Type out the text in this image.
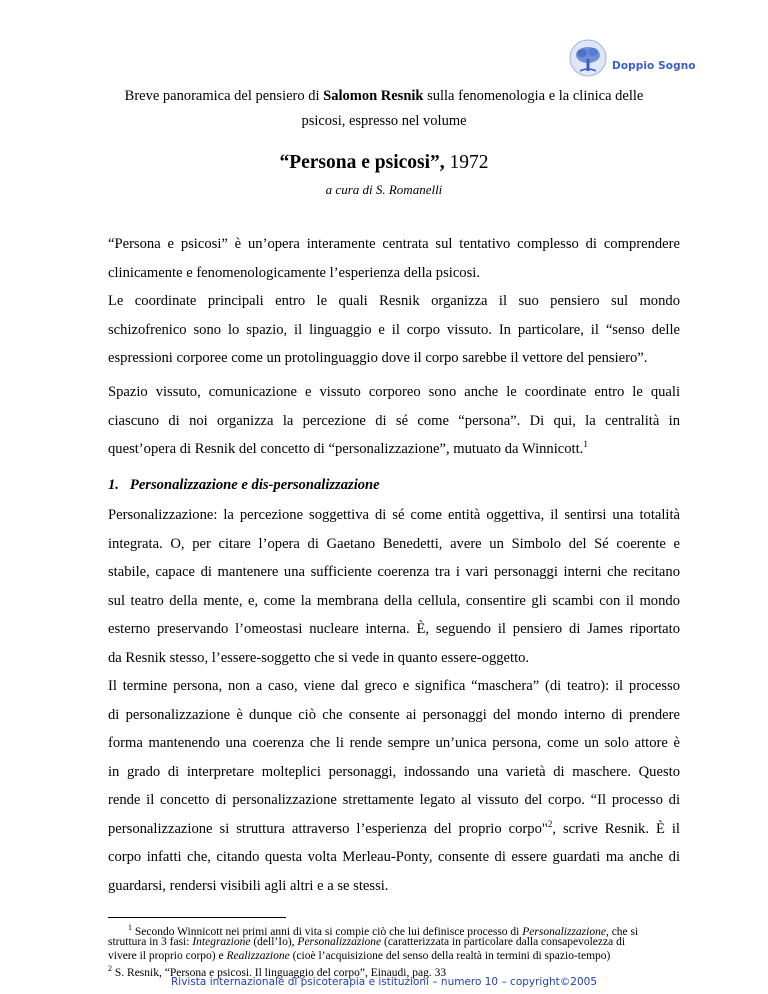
Doppio Sogno
Breve panoramica del pensiero di Salomon Resnik sulla fenomenologia e la clinica delle
psicosi, espresso nel volume
“Persona e psicosi”, 1972
a cura di S. Romanelli
“Persona e psicosi” è un’opera interamente centrata sul tentativo complesso di comprendere
clinicamente e fenomenologicamente l’esperienza della psicosi.
Le coordinate principali entro le quali Resnik organizza il suo pensiero sul mondo
schizofrenico sono lo spazio, il linguaggio e il corpo vissuto. In particolare, il “senso delle
espressioni corporee come un protolinguaggio dove il corpo sarebbe il vettore del pensiero”.
Spazio vissuto, comunicazione e vissuto corporeo sono anche le coordinate entro le quali
ciascuno di noi organizza la percezione di sé come “persona”. Di qui, la centralità in
quest’opera di Resnik del concetto di “personalizzazione”, mutuato da Winnicott.$^1$
1. Personalizzazione e dis-personalizzazione
Personalizzazione: la percezione soggettiva di sé come entità oggettiva, il sentirsi una totalità
integrata. O, per citare l’opera di Gaetano Benedetti, avere un Simbolo del Sé coerente e
stabile, capace di mantenere una sufficiente coerenza tra i vari personaggi interni che recitano
sul teatro della mente, e, come la membrana della cellula, consentire gli scambi con il mondo
esterno preservando l’omeostasi nucleare interna. È, seguendo il pensiero di James riportato
da Resnik stesso, l’essere-soggetto che si vede in quanto essere-oggetto.
Il termine persona, non a caso, viene dal greco e significa “maschera” (di teatro): il processo
di personalizzazione è dunque ciò che consente ai personaggi del mondo interno di prendere
forma mantenendo una coerenza che li rende sempre un’unica persona, come un solo attore è
in grado di interpretare molteplici personaggi, indossando una varietà di maschere. Questo
rende il concetto di personalizzazione strettamente legato al vissuto del corpo. “Il processo di
personalizzazione si struttura attraverso l’esperienza del proprio corpo"$^2$, scrive Resnik. È il
corpo infatti che, citando questa volta Merleau-Ponty, consente di essere guardati ma anche di
guardarsi, rendersi visibili agli altri e a se stessi.
$^1$ Secondo Winnicott nei primi anni di vita si compie ciò che lui definisce processo di Personalizzazione, che si
struttura in 3 fasi: Integrazione (dell’Io), Personalizzazione (caratterizzata in particolare dalla consapevolezza di
vivere il proprio corpo) e Realizzazione (cioè l’acquisizione del senso della realtà in termini di spazio-tempo)
$^2$ S. Resnik, “Persona e psicosi. Il linguaggio del corpo”, Einaudi, pag. 33
Rivista internazionale di psicoterapia e istituzioni – numero 10 – copyright©2005
